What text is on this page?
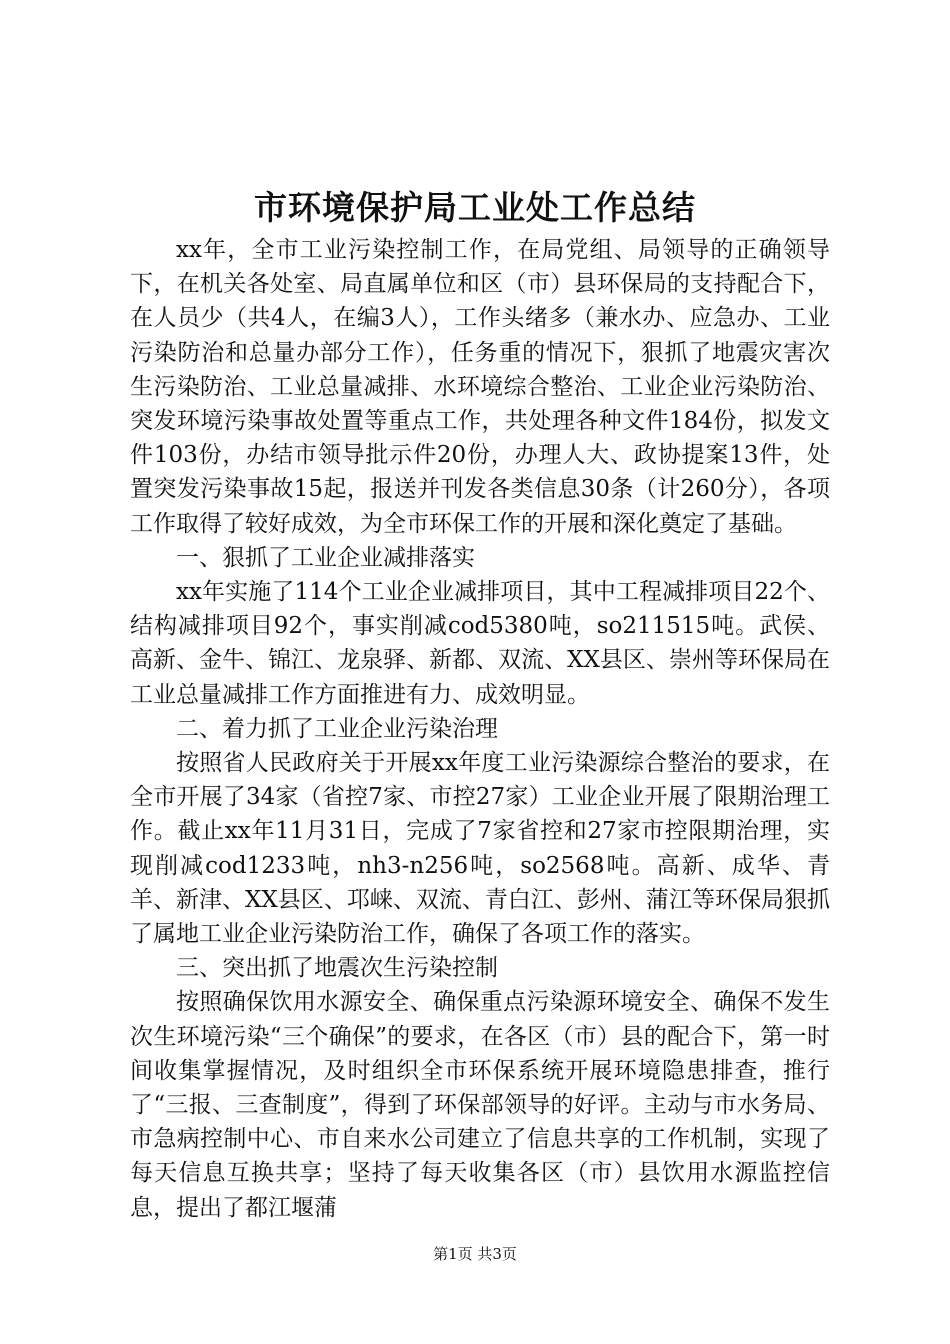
市环境保护局工业处工作总结

xx年，全市工业污染控制工作，在局党组、局领导的正确领导下，在机关各处室、局直属单位和区（市）县环保局的支持配合下，在人员少（共4人，在编3人），工作头绪多（兼水办、应急办、工业污染防治和总量办部分工作），任务重的情况下，狠抓了地震灾害次生污染防治、工业总量减排、水环境综合整治、工业企业污染防治、突发环境污染事故处置等重点工作，共处理各种文件184份，拟发文件103份，办结市领导批示件20份，办理人大、政协提案13件，处置突发污染事故15起，报送并刊发各类信息30条（计260分），各项工作取得了较好成效，为全市环保工作的开展和深化奠定了基础。

一、狠抓了工业企业减排落实

xx年实施了114个工业企业减排项目，其中工程减排项目22个、结构减排项目92个，事实削减cod5380吨，so211515吨。武侯、高新、金牛、锦江、龙泉驿、新都、双流、XX县区、崇州等环保局在工业总量减排工作方面推进有力、成效明显。

二、着力抓了工业企业污染治理

按照省人民政府关于开展xx年度工业污染源综合整治的要求，在全市开展了34家（省控7家、市控27家）工业企业开展了限期治理工作。截止xx年11月31日，完成了7家省控和27家市控限期治理，实现削减cod1233吨，nh3-n256吨，so2568吨。高新、成华、青羊、新津、XX县区、邛崃、双流、青白江、彭州、蒲江等环保局狠抓了属地工业企业污染防治工作，确保了各项工作的落实。

三、突出抓了地震次生污染控制

按照确保饮用水源安全、确保重点污染源环境安全、确保不发生次生环境污染“三个确保”的要求，在各区（市）县的配合下，第一时间收集掌握情况，及时组织全市环保系统开展环境隐患排查，推行了“三报、三查制度”，得到了环保部领导的好评。主动与市水务局、市急病控制中心、市自来水公司建立了信息共享的工作机制，实现了每天信息互换共享；坚持了每天收集各区（市）县饮用水源监控信息，提出了都江堰蒲

第1页 共3页
